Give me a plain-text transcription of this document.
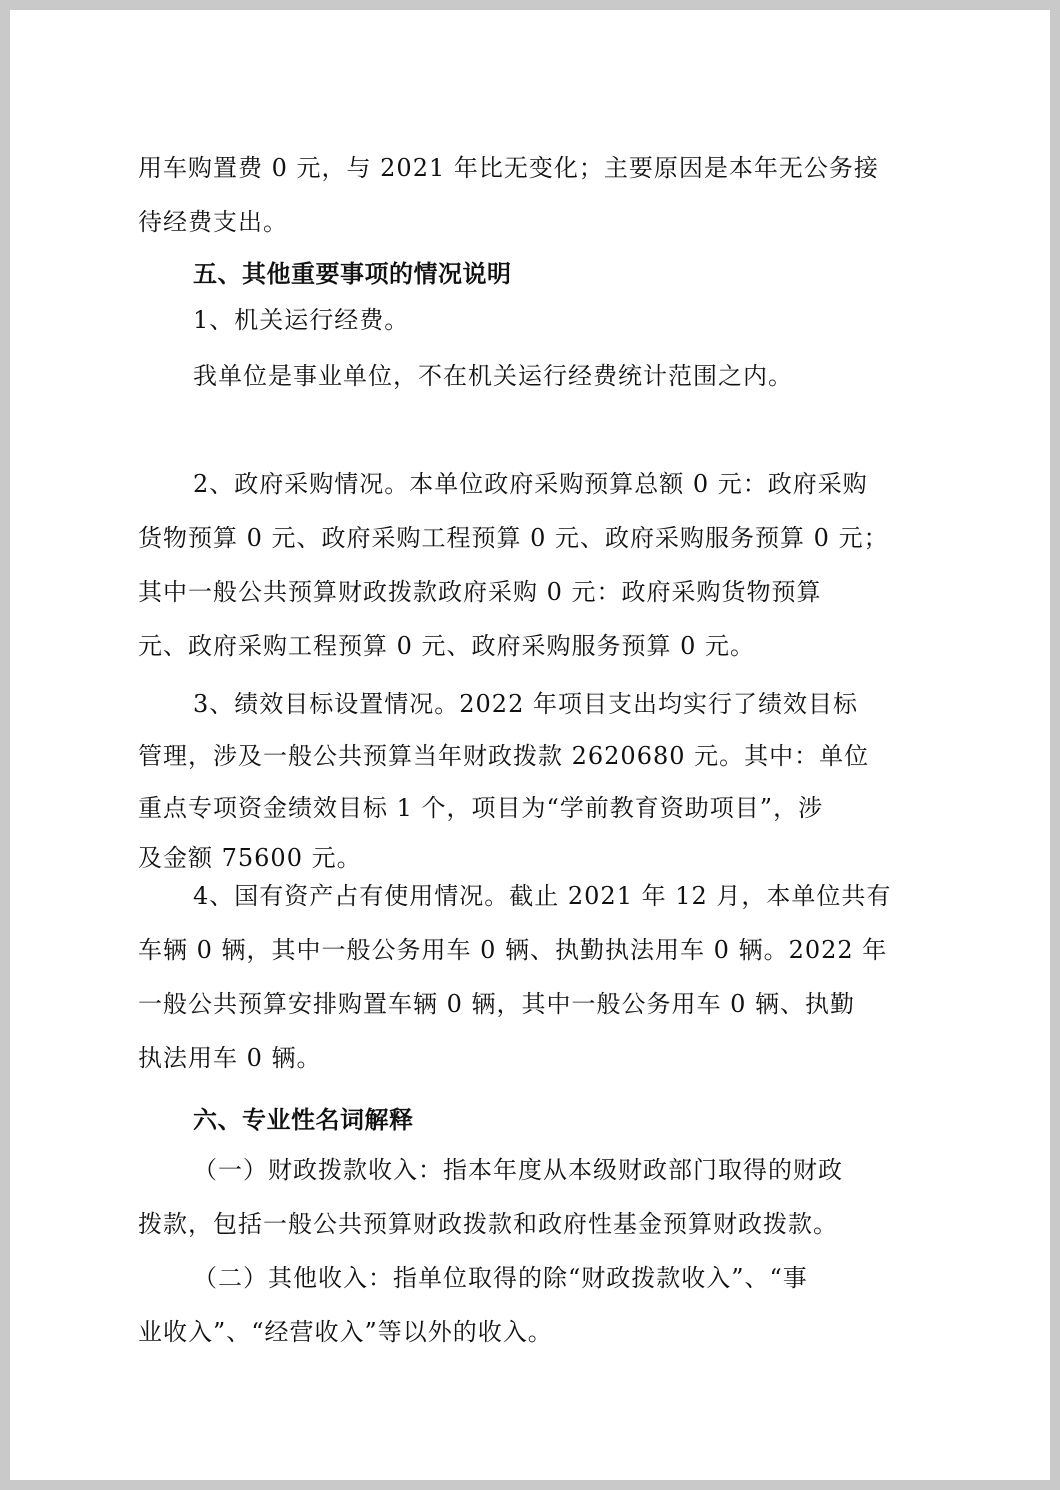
用车购置费 0 元，与 2021 年比无变化；主要原因是本年无公务接
待经费支出。
五、其他重要事项的情况说明
1、机关运行经费。
我单位是事业单位，不在机关运行经费统计范围之内。
2、政府采购情况。本单位政府采购预算总额 0 元：政府采购
货物预算 0 元、政府采购工程预算 0 元、政府采购服务预算 0 元；
其中一般公共预算财政拨款政府采购 0 元：政府采购货物预算
元、政府采购工程预算 0 元、政府采购服务预算 0 元。
3、绩效目标设置情况。2022 年项目支出均实行了绩效目标
管理，涉及一般公共预算当年财政拨款 2620680 元。其中：单位
重点专项资金绩效目标 1 个，项目为“学前教育资助项目”，涉
及金额 75600 元。
4、国有资产占有使用情况。截止 2021 年 12 月，本单位共有
车辆 0 辆，其中一般公务用车 0 辆、执勤执法用车 0 辆。2022 年
一般公共预算安排购置车辆 0 辆，其中一般公务用车 0 辆、执勤
执法用车 0 辆。
六、专业性名词解释
（一）财政拨款收入：指本年度从本级财政部门取得的财政
拨款，包括一般公共预算财政拨款和政府性基金预算财政拨款。
（二）其他收入：指单位取得的除“财政拨款收入”、“事
业收入”、“经营收入”等以外的收入。
